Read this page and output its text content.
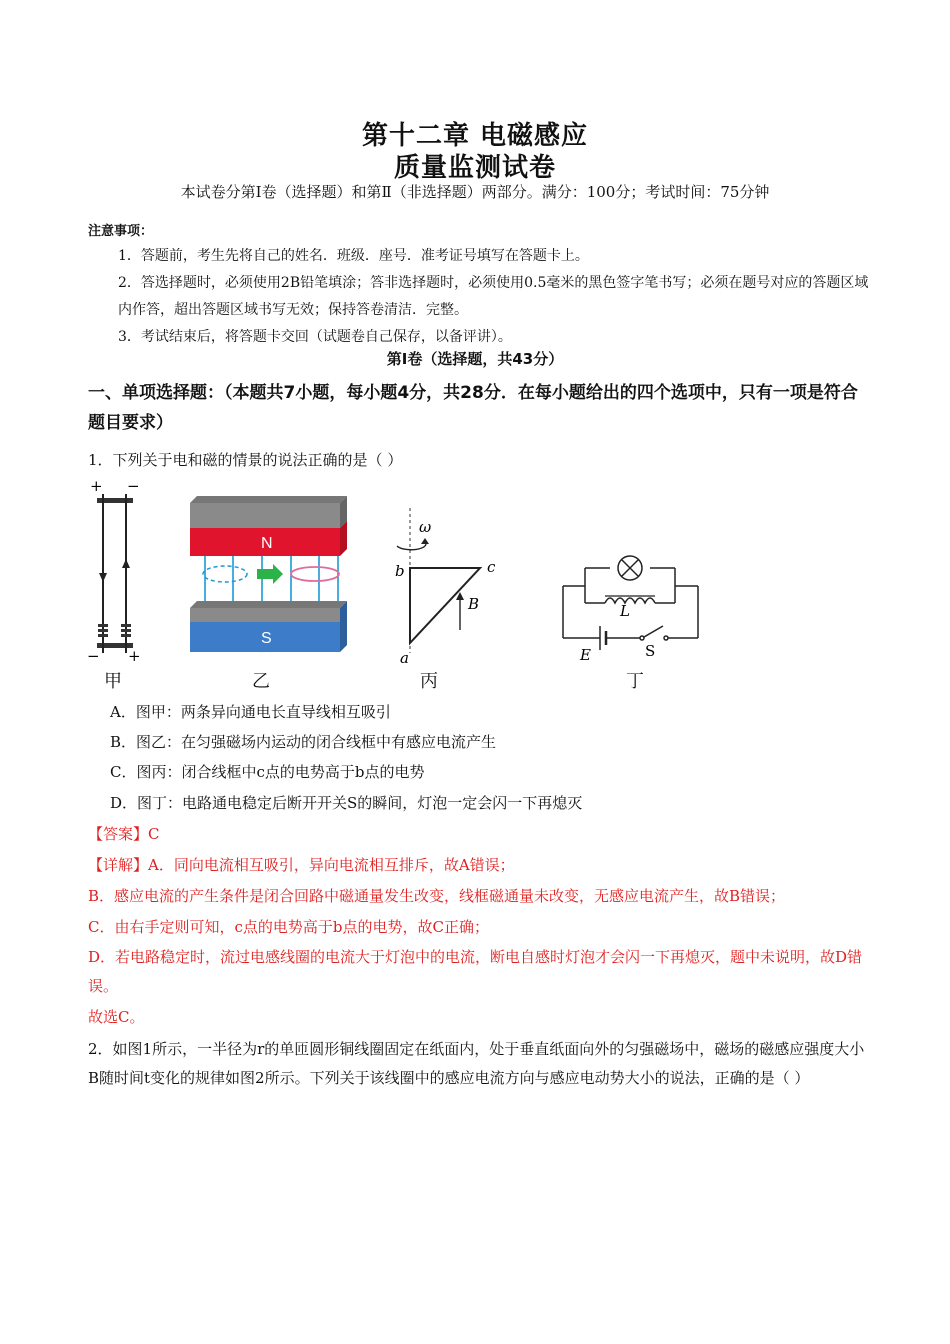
第十二章 电磁感应
质量监测试卷
本试卷分第Ⅰ卷（选择题）和第Ⅱ（非选择题）两部分。满分：100分；考试时间：75分钟
注意事项：
1．答题前，考生先将自己的姓名．班级．座号．准考证号填写在答题卡上。
2．答选择题时，必须使用2B铅笔填涂；答非选择题时，必须使用0.5毫米的黑色签字笔书写；必须在题号对应的答题区域内作答，超出答题区域书写无效；保持答卷清洁．完整。
3．考试结束后，将答题卡交回（试题卷自己保存，以备评讲）。
第Ⅰ卷（选择题，共43分）
一、单项选择题：（本题共7小题，每小题4分，共28分．在每小题给出的四个选项中，只有一项是符合题目要求）
1．下列关于电和磁的情景的说法正确的是（ ）
+ −
− +
N
S
ω
b	c
a
B	L
E	S
甲	乙	丙	丁
A．图甲：两条异向通电长直导线相互吸引
B．图乙：在匀强磁场内运动的闭合线框中有感应电流产生
C．图丙：闭合线框中c点的电势高于b点的电势
D．图丁：电路通电稳定后断开开关S的瞬间，灯泡一定会闪一下再熄灭
【答案】C
【详解】A．同向电流相互吸引，异向电流相互排斥，故A错误；
B．感应电流的产生条件是闭合回路中磁通量发生改变，线框磁通量未改变，无感应电流产生，故B错误；
C．由右手定则可知，c点的电势高于b点的电势，故C正确；
D．若电路稳定时，流过电感线圈的电流大于灯泡中的电流，断电自感时灯泡才会闪一下再熄灭，题中未说明，故D错误。
故选C。
2．如图1所示，一半径为r的单匝圆形铜线圈固定在纸面内，处于垂直纸面向外的匀强磁场中，磁场的磁感应强度大小B随时间t变化的规律如图2所示。下列关于该线圈中的感应电流方向与感应电动势大小的说法，正确的是（ ）
